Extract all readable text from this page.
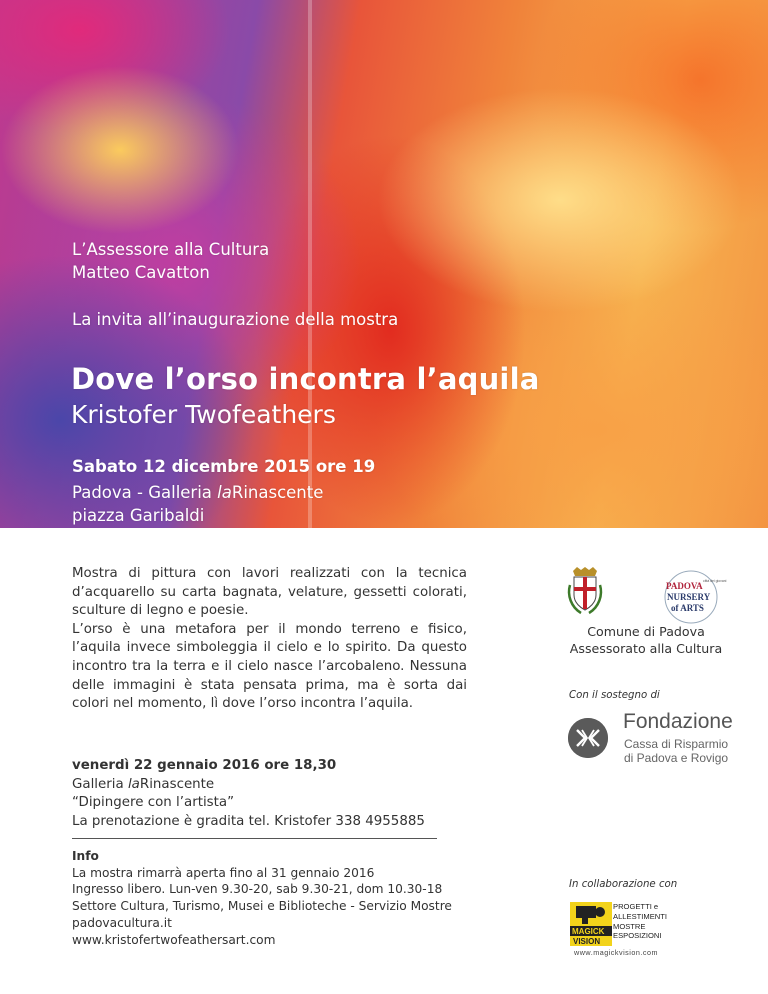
L’Assessore alla Cultura
Matteo Cavatton
La invita all’inaugurazione della mostra
Dove l’orso incontra l’aquila
Kristofer Twofeathers
Sabato 12 dicembre 2015 ore 19
Padova - Galleria laRinascente
piazza Garibaldi

Mostra di pittura con lavori realizzati con la tecnica d’acquarello su carta bagnata, velature, gessetti colorati, sculture di legno e poesie.

L’orso è una metafora per il mondo terreno e fisico, l’aquila invece simboleggia il cielo e lo spirito. Da questo incontro tra la terra e il cielo nasce l’arcobaleno. Nessuna delle immagini è stata pensata prima, ma è sorta dai colori nel momento, lì dove l’orso incontra l’aquila.

venerdì 22 gennaio 2016 ore 18,30
Galleria laRinascente
“Dipingere con l’artista”
La prenotazione è gradita tel. Kristofer 338 4955885
Info
La mostra rimarrà aperta fino al 31 gennaio 2016
Ingresso libero. Lun-ven 9.30-20, sab 9.30-21, dom 10.30-18
Settore Cultura, Turismo, Musei e Biblioteche - Servizio Mostre
padovacultura.it
www.kristofertwofeathersart.com
PADOVA città dei giovani
NURSERY
of ARTS
Comune di Padova
Assessorato alla Cultura
Con il sostegno di
Fondazione
Cassa di Risparmio
di Padova e Rovigo
In collaborazione con
MAGICK
VISION
PROGETTI e
ALLESTIMENTI
MOSTRE
ESPOSIZIONI
www.magickvision.com
